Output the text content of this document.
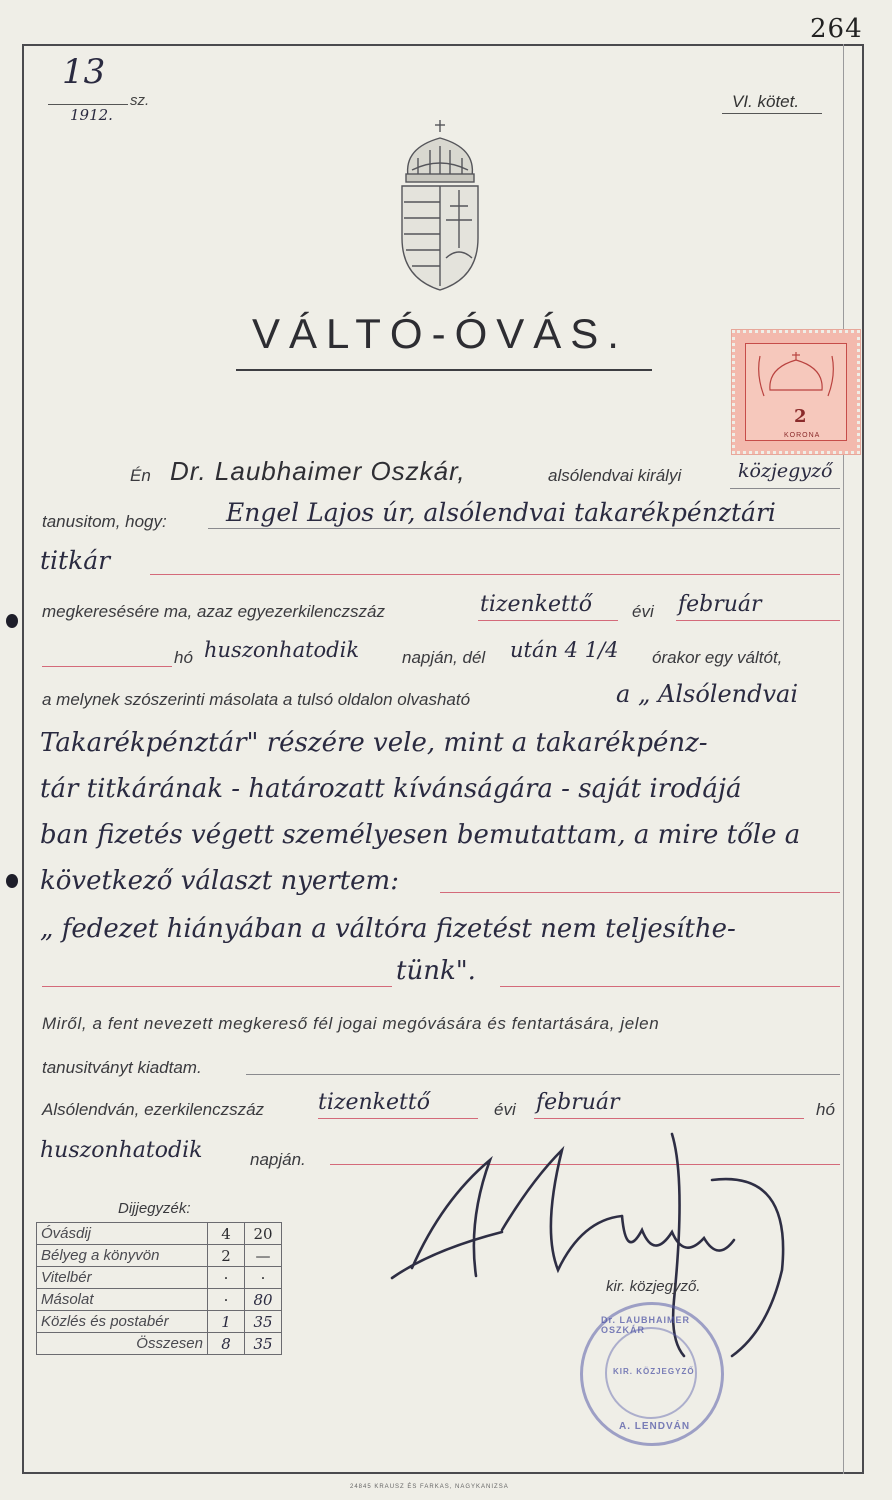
264
13
sz.
1912.
VI. kötet.
VÁLTÓ-ÓVÁS.
2
KORONA
Én Dr. Laubhaimer Oszkár,	alsólendvai királyi	közjegyző
tanusitom, hogy: Engel Lajos úr, alsólendvai takarékpénztári
titkár
megkeresésére ma, azaz egyezerkilenczszáz	tizenkettő évi február
hó huszonhatodik	napján, dél után 4 1/4 órakor egy váltót,
a melynek szószerinti másolata a tulsó oldalon olvasható	a „ Alsólendvai
Takarékpénztár" részére vele, mint a takarékpénz-
tár titkárának - határozatt kívánságára - saját irodájá
ban fizetés végett személyesen bemutattam, a mire tőle a
következő választ nyertem:
„ fedezet hiányában a váltóra fizetést nem teljesíthe-
tünk".
Miről, a fent nevezett megkereső fél jogai megóvására és fentartására, jelen
tanusitványt kiadtam.
Alsólendván, ezerkilenczszáz tizenkettő	évi február	hó
huszonhatodik	napján.
kir. közjegyző.
Dijjegyzék:
Óvásdij	4	20
Bélyeg a könyvön	2	—
Vitelbér	·	·
Másolat	·	80
Közlés és postabér	1	35
Összesen	8	35
Dr. LAUBHAIMER OSZKÁR
KIR. KÖZJEGYZŐ
A. LENDVÁN
24845 KRAUSZ ÉS FARKAS, NAGYKANIZSA
